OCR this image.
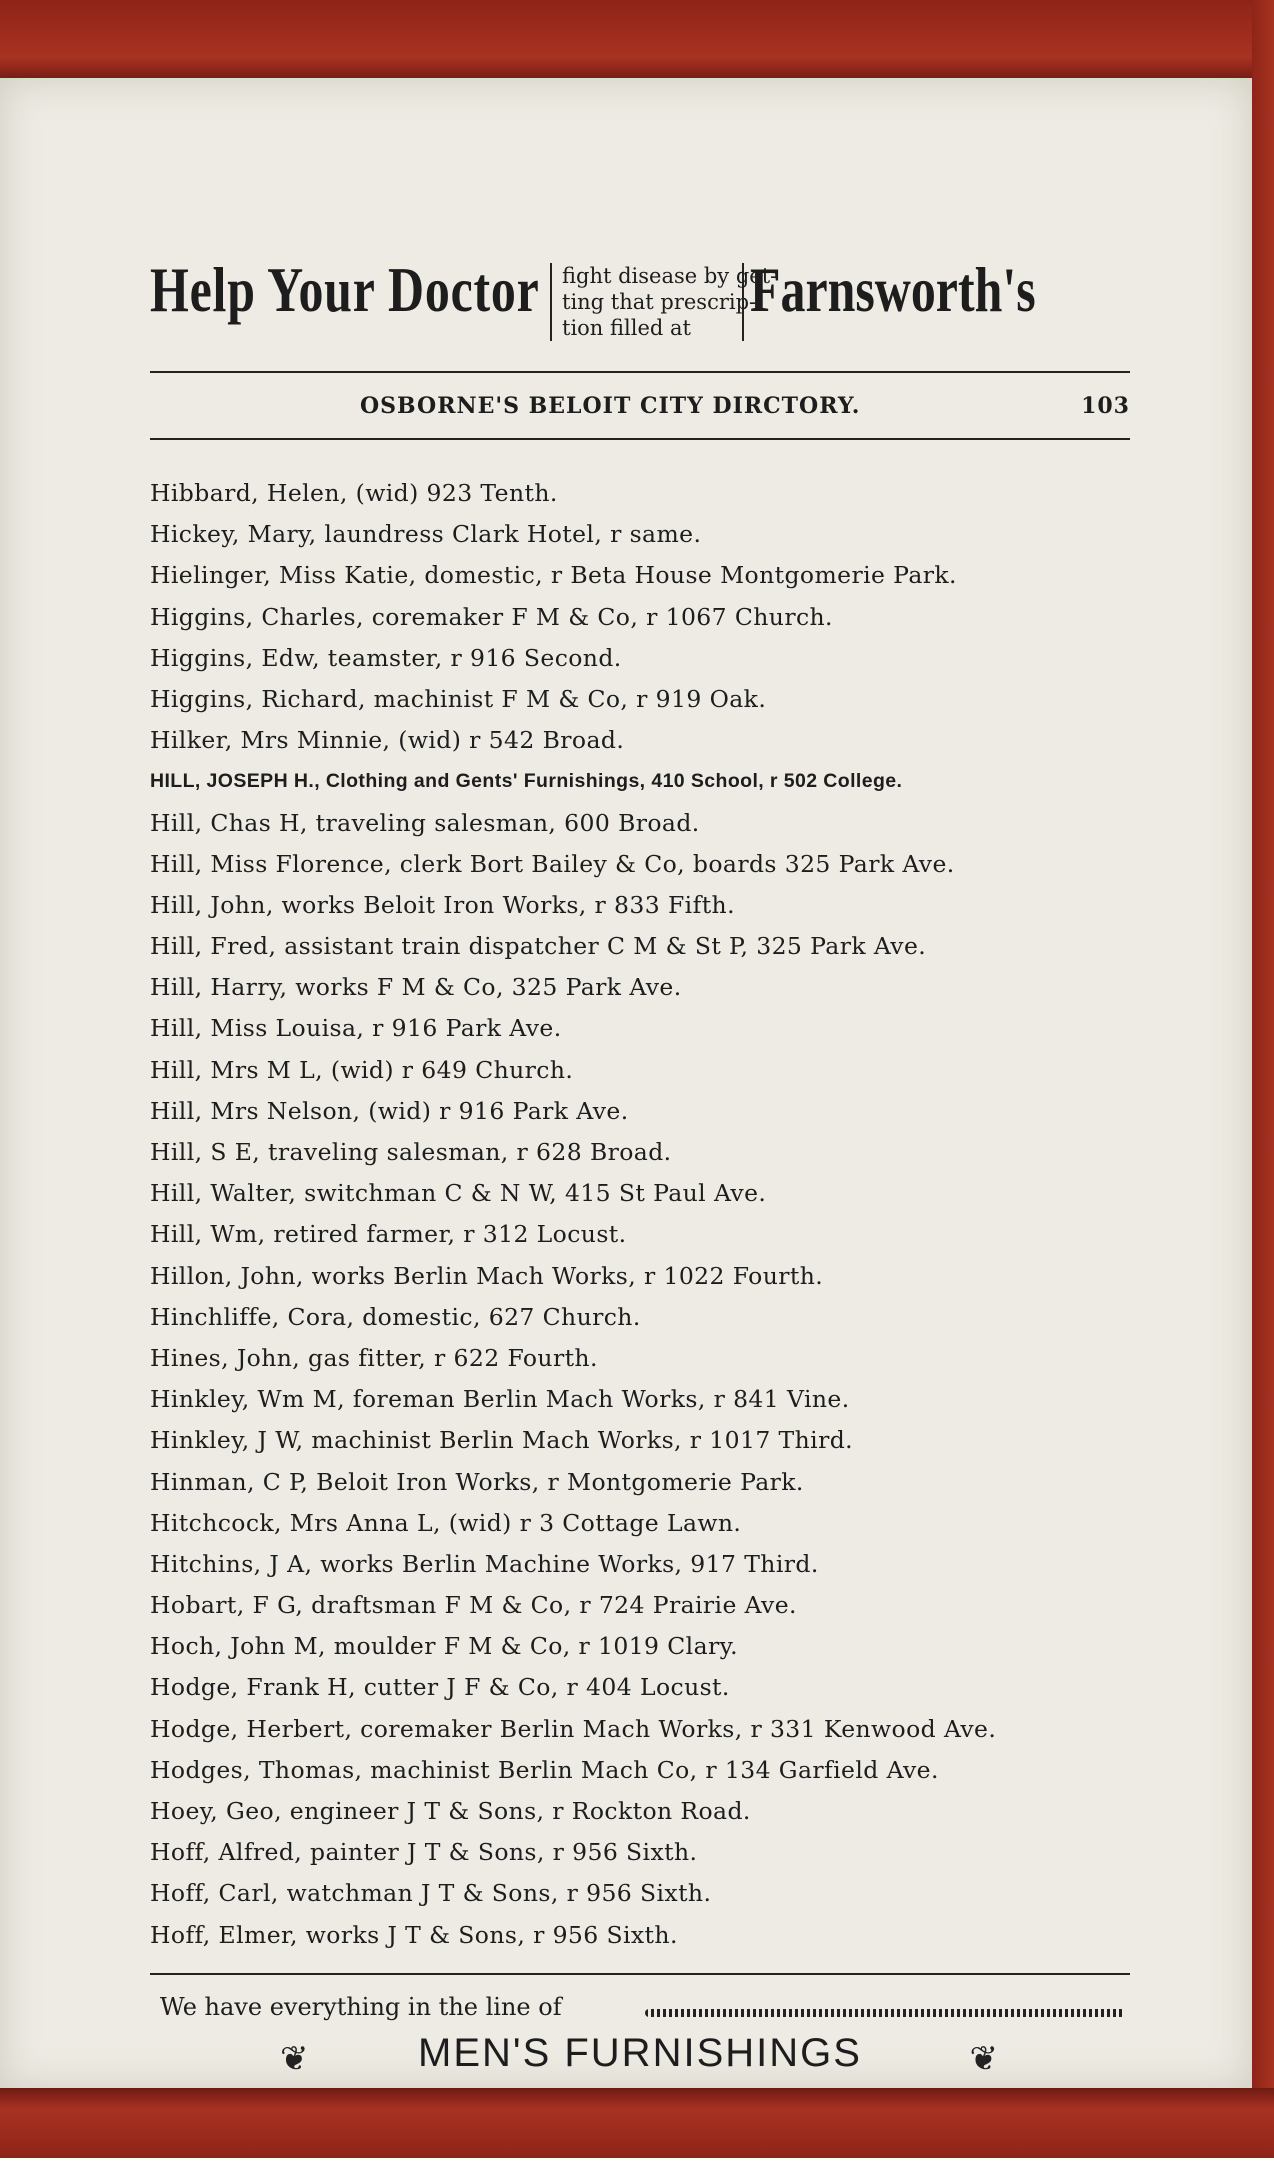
Help Your Doctor fight disease by get-
ting that prescrip-
tion filled at
Farnsworth's
OSBORNE'S BELOIT CITY DIRCTORY.	103
Hibbard, Helen, (wid) 923 Tenth.
Hickey, Mary, laundress Clark Hotel, r same.
Hielinger, Miss Katie, domestic, r Beta House Montgomerie Park.
Higgins, Charles, coremaker F M & Co, r 1067 Church.
Higgins, Edw, teamster, r 916 Second.
Higgins, Richard, machinist F M & Co, r 919 Oak.
Hilker, Mrs Minnie, (wid) r 542 Broad.
HILL, JOSEPH H., Clothing and Gents' Furnishings, 410 School, r 502 College.
Hill, Chas H, traveling salesman, 600 Broad.
Hill, Miss Florence, clerk Bort Bailey & Co, boards 325 Park Ave.
Hill, John, works Beloit Iron Works, r 833 Fifth.
Hill, Fred, assistant train dispatcher C M & St P, 325 Park Ave.
Hill, Harry, works F M & Co, 325 Park Ave.
Hill, Miss Louisa, r 916 Park Ave.
Hill, Mrs M L, (wid) r 649 Church.
Hill, Mrs Nelson, (wid) r 916 Park Ave.
Hill, S E, traveling salesman, r 628 Broad.
Hill, Walter, switchman C & N W, 415 St Paul Ave.
Hill, Wm, retired farmer, r 312 Locust.
Hillon, John, works Berlin Mach Works, r 1022 Fourth.
Hinchliffe, Cora, domestic, 627 Church.
Hines, John, gas fitter, r 622 Fourth.
Hinkley, Wm M, foreman Berlin Mach Works, r 841 Vine.
Hinkley, J W, machinist Berlin Mach Works, r 1017 Third.
Hinman, C P, Beloit Iron Works, r Montgomerie Park.
Hitchcock, Mrs Anna L, (wid) r 3 Cottage Lawn.
Hitchins, J A, works Berlin Machine Works, 917 Third.
Hobart, F G, draftsman F M & Co, r 724 Prairie Ave.
Hoch, John M, moulder F M & Co, r 1019 Clary.
Hodge, Frank H, cutter J F & Co, r 404 Locust.
Hodge, Herbert, coremaker Berlin Mach Works, r 331 Kenwood Ave.
Hodges, Thomas, machinist Berlin Mach Co, r 134 Garfield Ave.
Hoey, Geo, engineer J T & Sons, r Rockton Road.
Hoff, Alfred, painter J T & Sons, r 956 Sixth.
Hoff, Carl, watchman J T & Sons, r 956 Sixth.
Hoff, Elmer, works J T & Sons, r 956 Sixth.
We have everything in the line of
❦	MEN'S FURNISHINGS	❦
